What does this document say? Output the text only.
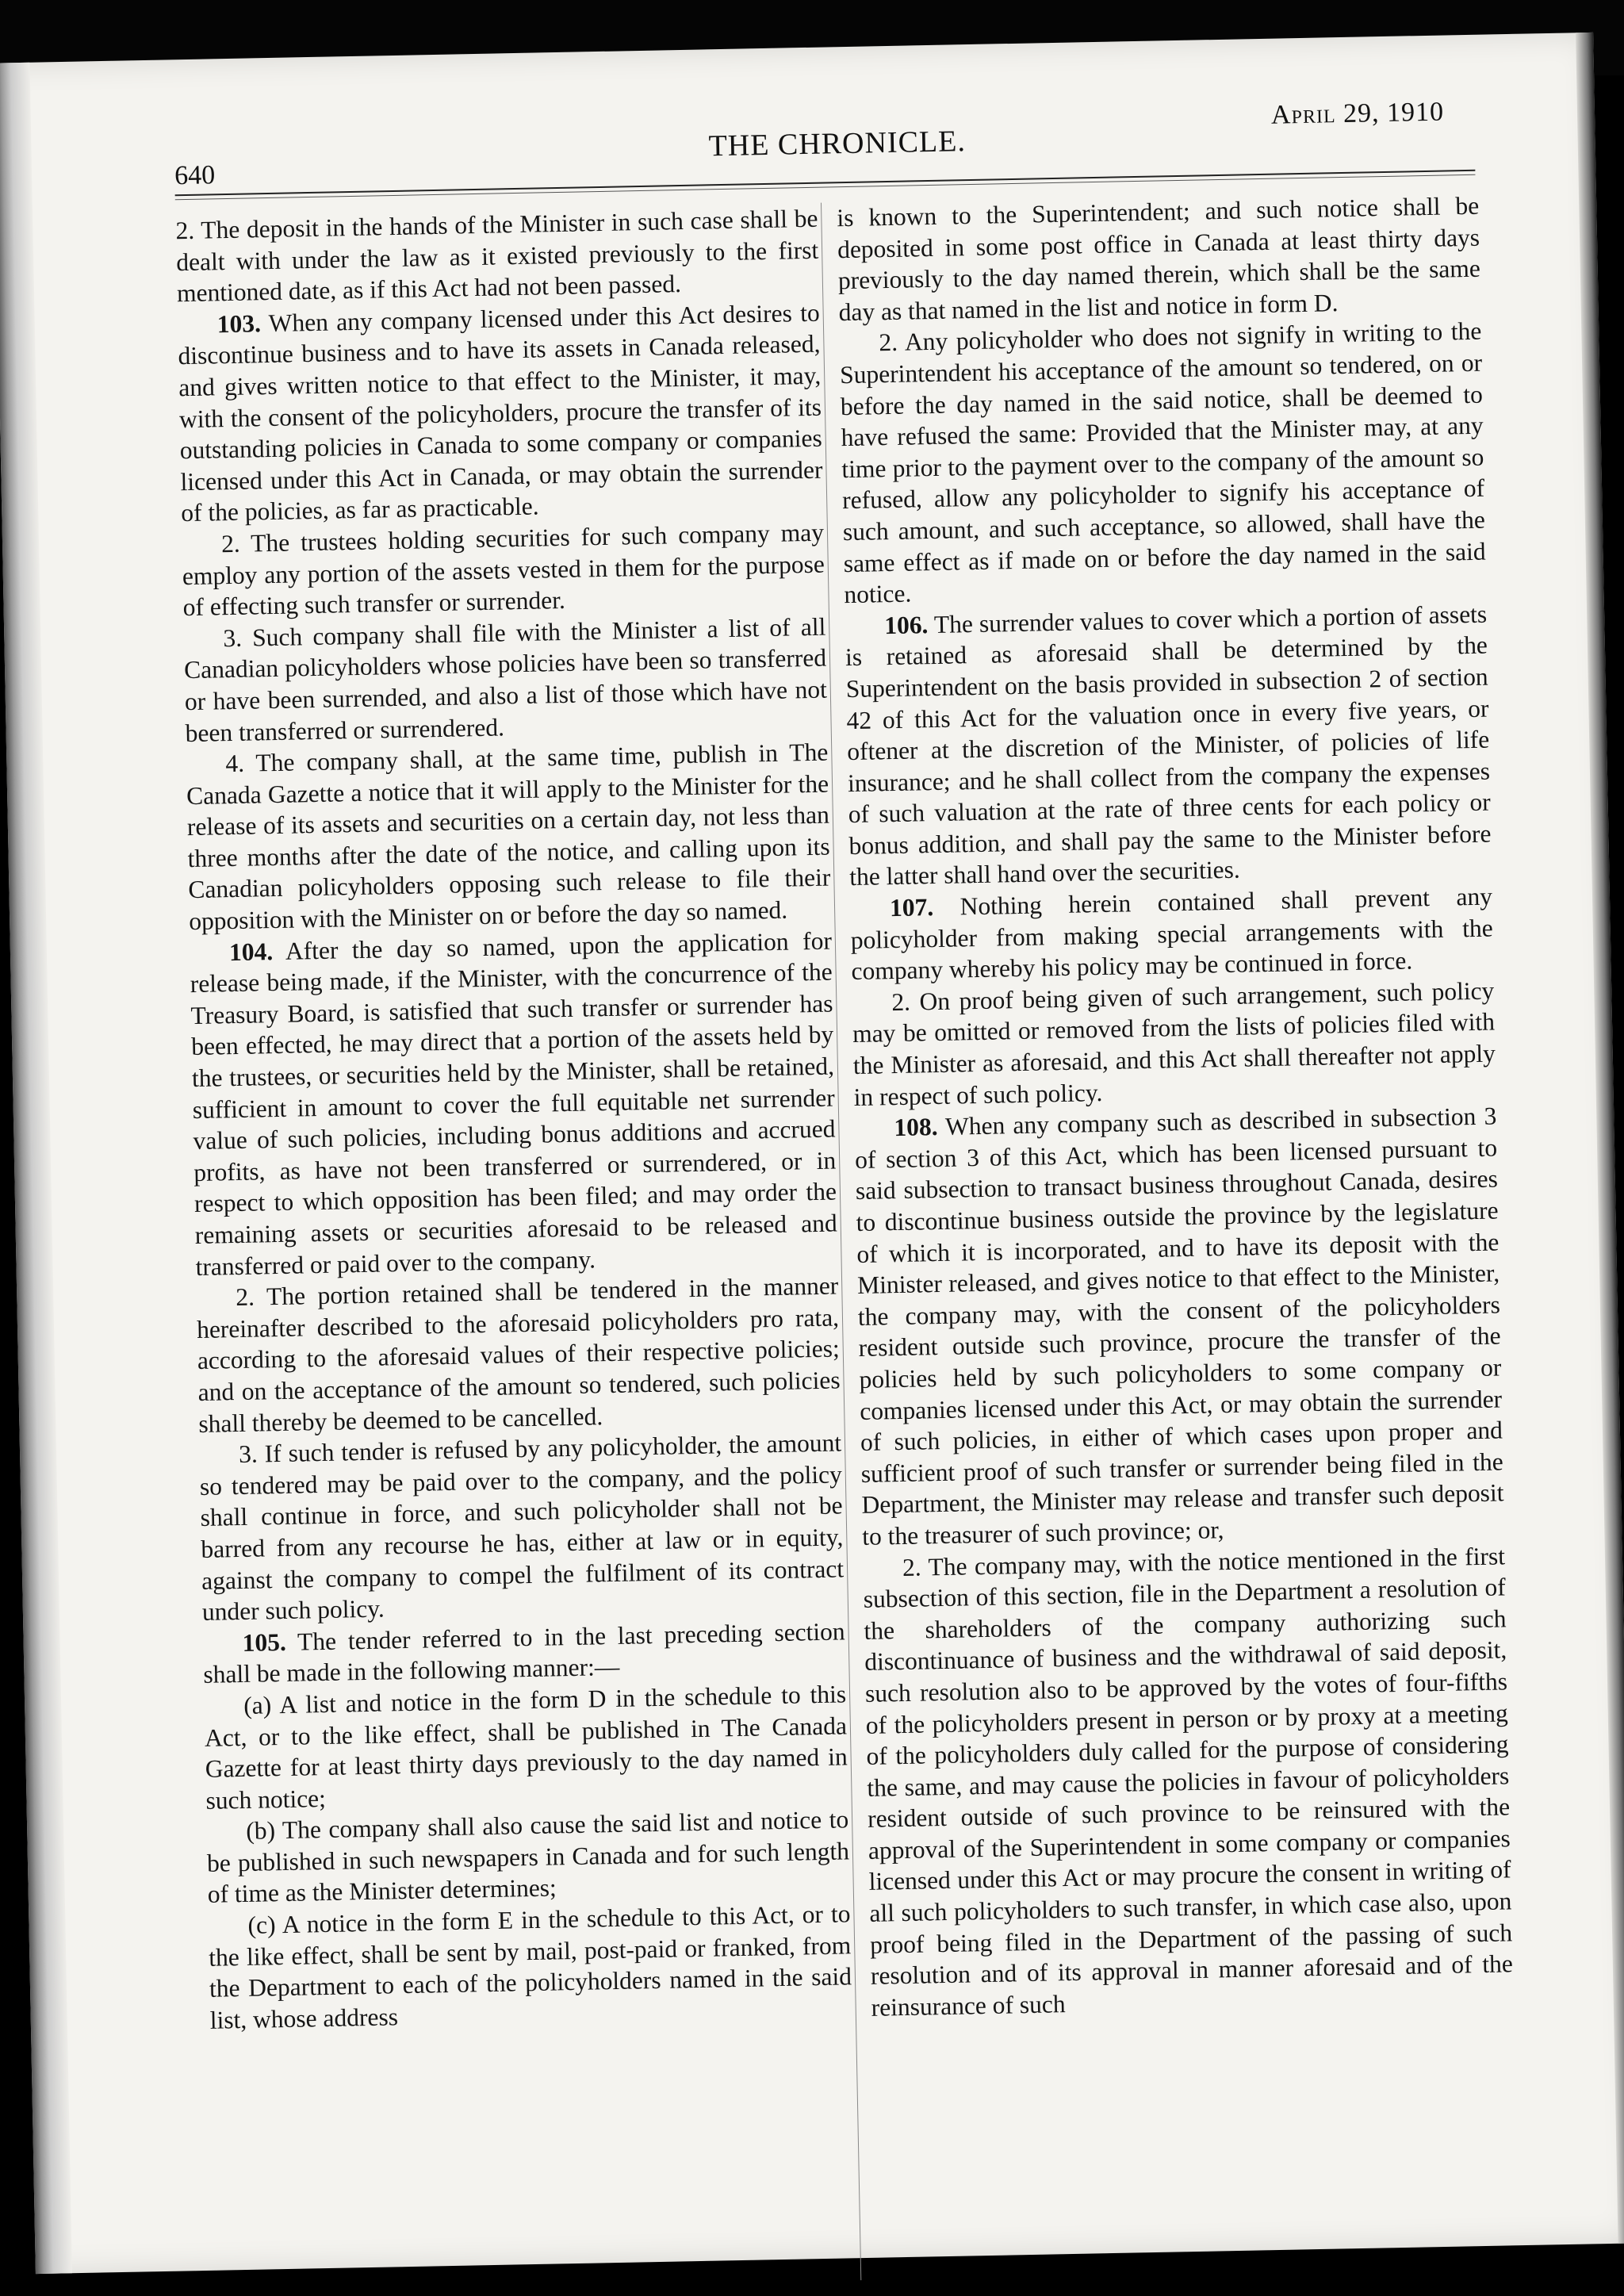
640
THE CHRONICLE.
April 29, 1910

2. The deposit in the hands of the Minister in such case shall be dealt with under the law as it existed previously to the first mentioned date, as if this Act had not been passed.

103. When any company licensed under this Act desires to discontinue business and to have its assets in Canada released, and gives written notice to that effect to the Minister, it may, with the consent of the policyholders, procure the transfer of its outstanding policies in Canada to some company or companies licensed under this Act in Canada, or may obtain the surrender of the policies, as far as practicable.

2. The trustees holding securities for such company may employ any portion of the assets vested in them for the purpose of effecting such transfer or surrender.

3. Such company shall file with the Minister a list of all Canadian policyholders whose policies have been so transferred or have been surrended, and also a list of those which have not been transferred or surrendered.

4. The company shall, at the same time, publish in The Canada Gazette a notice that it will apply to the Minister for the release of its assets and securities on a certain day, not less than three months after the date of the notice, and calling upon its Canadian policyholders opposing such release to file their opposition with the Minister on or before the day so named.

104. After the day so named, upon the application for release being made, if the Minister, with the concurrence of the Treasury Board, is satisfied that such transfer or surrender has been effected, he may direct that a portion of the assets held by the trustees, or securities held by the Minister, shall be retained, sufficient in amount to cover the full equitable net surrender value of such policies, including bonus additions and accrued profits, as have not been transferred or surrendered, or in respect to which opposition has been filed; and may order the remaining assets or securities aforesaid to be released and transferred or paid over to the company.

2. The portion retained shall be tendered in the manner hereinafter described to the aforesaid policyholders pro rata, according to the aforesaid values of their respective policies; and on the acceptance of the amount so tendered, such policies shall thereby be deemed to be cancelled.

3. If such tender is refused by any policyholder, the amount so tendered may be paid over to the company, and the policy shall continue in force, and such policyholder shall not be barred from any recourse he has, either at law or in equity, against the company to compel the fulfilment of its contract under such policy.

105. The tender referred to in the last preceding section shall be made in the following manner:—

(a) A list and notice in the form D in the schedule to this Act, or to the like effect, shall be published in The Canada Gazette for at least thirty days previously to the day named in such notice;

(b) The company shall also cause the said list and notice to be published in such newspapers in Canada and for such length of time as the Minister determines;

(c) A notice in the form E in the schedule to this Act, or to the like effect, shall be sent by mail, post-paid or franked, from the Department to each of the policyholders named in the said list, whose address

is known to the Superintendent; and such notice shall be deposited in some post office in Canada at least thirty days previously to the day named therein, which shall be the same day as that named in the list and notice in form D.

2. Any policyholder who does not signify in writing to the Superintendent his acceptance of the amount so tendered, on or before the day named in the said notice, shall be deemed to have refused the same: Provided that the Minister may, at any time prior to the payment over to the company of the amount so refused, allow any policyholder to signify his acceptance of such amount, and such acceptance, so allowed, shall have the same effect as if made on or before the day named in the said notice.

106. The surrender values to cover which a portion of assets is retained as aforesaid shall be determined by the Superintendent on the basis provided in subsection 2 of section 42 of this Act for the valuation once in every five years, or oftener at the discretion of the Minister, of policies of life insurance; and he shall collect from the company the expenses of such valuation at the rate of three cents for each policy or bonus addition, and shall pay the same to the Minister before the latter shall hand over the securities.

107. Nothing herein contained shall prevent any policyholder from making special arrangements with the company whereby his policy may be continued in force.

2. On proof being given of such arrangement, such policy may be omitted or removed from the lists of policies filed with the Minister as aforesaid, and this Act shall thereafter not apply in respect of such policy.

108. When any company such as described in subsection 3 of section 3 of this Act, which has been licensed pursuant to said subsection to transact business throughout Canada, desires to discontinue business outside the province by the legislature of which it is incorporated, and to have its deposit with the Minister released, and gives notice to that effect to the Minister, the company may, with the consent of the policyholders resident outside such province, procure the transfer of the policies held by such policyholders to some company or companies licensed under this Act, or may obtain the surrender of such policies, in either of which cases upon proper and sufficient proof of such transfer or surrender being filed in the Department, the Minister may release and transfer such deposit to the treasurer of such province; or,

2. The company may, with the notice mentioned in the first subsection of this section, file in the Department a resolution of the shareholders of the company authorizing such discontinuance of business and the withdrawal of said deposit, such resolution also to be approved by the votes of four-fifths of the policyholders present in person or by proxy at a meeting of the policyholders duly called for the purpose of considering the same, and may cause the policies in favour of policyholders resident outside of such province to be reinsured with the approval of the Superintendent in some company or companies licensed under this Act or may procure the consent in writing of all such policyholders to such transfer, in which case also, upon proof being filed in the Department of the passing of such resolution and of its approval in manner aforesaid and of the reinsurance of such
